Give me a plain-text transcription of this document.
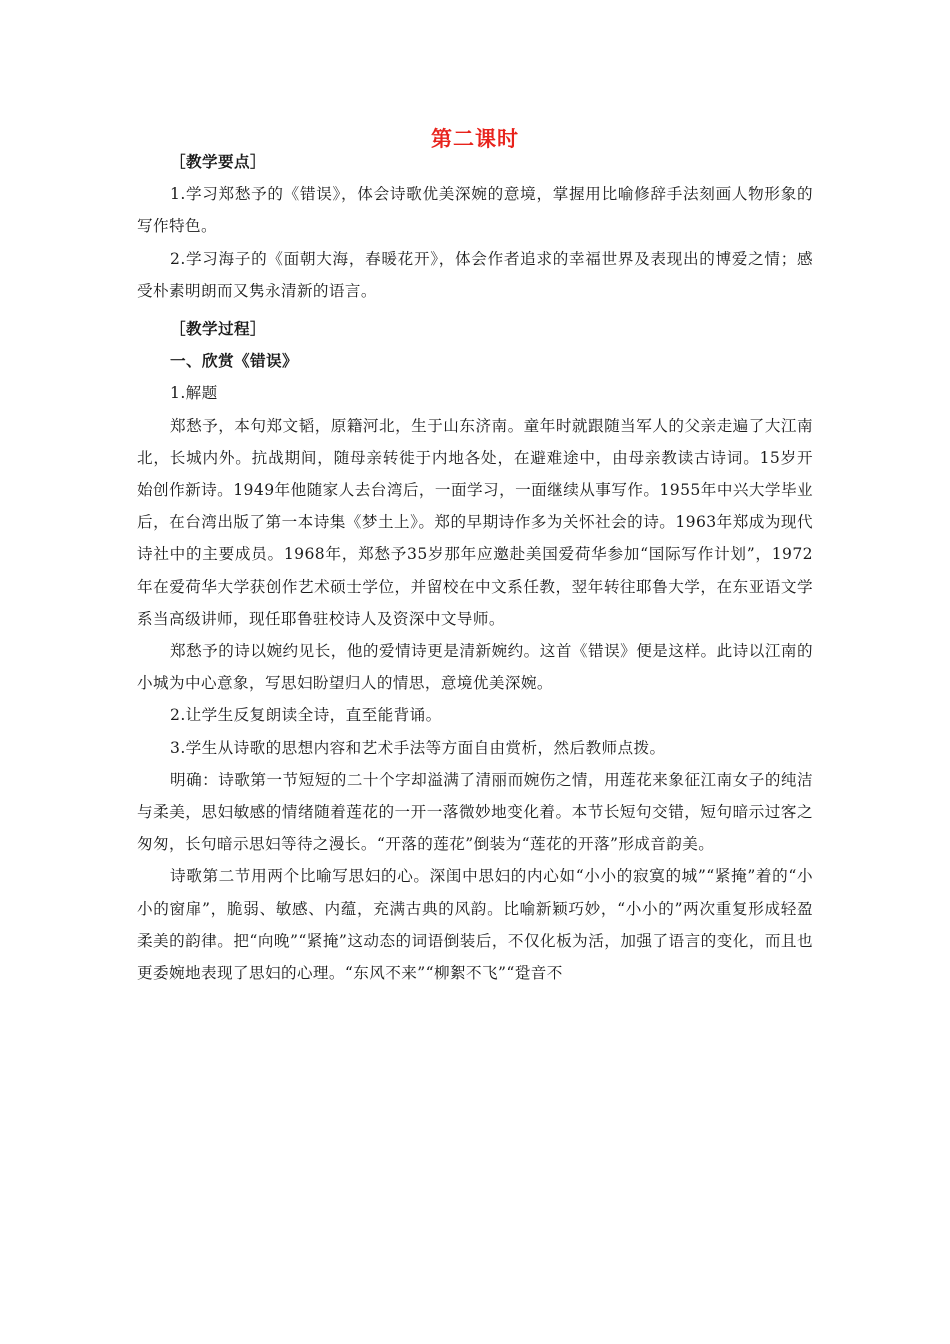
第二课时

［教学要点］

1.学习郑愁予的《错误》，体会诗歌优美深婉的意境，掌握用比喻修辞手法刻画人物形象的写作特色。

2.学习海子的《面朝大海，春暖花开》，体会作者追求的幸福世界及表现出的博爱之情；感受朴素明朗而又隽永清新的语言。

［教学过程］

一、欣赏《错误》

1.解题

郑愁予，本句郑文韬，原籍河北，生于山东济南。童年时就跟随当军人的父亲走遍了大江南北，长城内外。抗战期间，随母亲转徙于内地各处，在避难途中，由母亲教读古诗词。15岁开始创作新诗。1949年他随家人去台湾后，一面学习，一面继续从事写作。1955年中兴大学毕业后，在台湾出版了第一本诗集《梦土上》。郑的早期诗作多为关怀社会的诗。1963年郑成为现代诗社中的主要成员。1968年，郑愁予35岁那年应邀赴美国爱荷华参加“国际写作计划”，1972年在爱荷华大学获创作艺术硕士学位，并留校在中文系任教，翌年转往耶鲁大学，在东亚语文学系当高级讲师，现任耶鲁驻校诗人及资深中文导师。

郑愁予的诗以婉约见长，他的爱情诗更是清新婉约。这首《错误》便是这样。此诗以江南的小城为中心意象，写思妇盼望归人的情思，意境优美深婉。

2.让学生反复朗读全诗，直至能背诵。

3.学生从诗歌的思想内容和艺术手法等方面自由赏析，然后教师点拨。

明确：诗歌第一节短短的二十个字却溢满了清丽而婉伤之情，用莲花来象征江南女子的纯洁与柔美，思妇敏感的情绪随着莲花的一开一落微妙地变化着。本节长短句交错，短句暗示过客之匆匆，长句暗示思妇等待之漫长。“开落的莲花”倒装为“莲花的开落”形成音韵美。

诗歌第二节用两个比喻写思妇的心。深闺中思妇的内心如“小小的寂寞的城”“紧掩”着的“小小的窗扉”，脆弱、敏感、内蕴，充满古典的风韵。比喻新颖巧妙，“小小的”两次重复形成轻盈柔美的韵律。把“向晚”“紧掩”这动态的词语倒装后，不仅化板为活，加强了语言的变化，而且也更委婉地表现了思妇的心理。“东风不来”“柳絮不飞”“跫音不
